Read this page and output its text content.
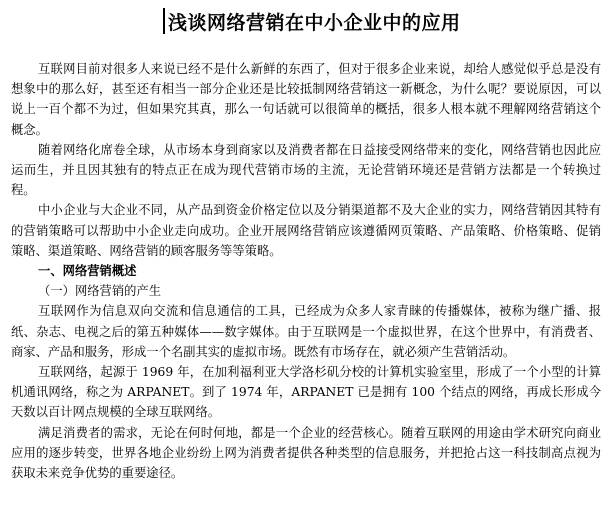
浅谈网络营销在中小企业中的应用

互联网目前对很多人来说已经不是什么新鲜的东西了，但对于很多企业来说，却给人感觉似乎总是没有想象中的那么好，甚至还有相当一部分企业还是比较抵制网络营销这一新概念，为什么呢？要说原因，可以说上一百个都不为过，但如果究其真，那么一句话就可以很简单的概括，很多人根本就不理解网络营销这个概念。

随着网络化席卷全球，从市场本身到商家以及消费者都在日益接受网络带来的变化，网络营销也因此应运而生，并且因其独有的特点正在成为现代营销市场的主流，无论营销环境还是营销方法都是一个转换过程。

中小企业与大企业不同，从产品到资金价格定位以及分销渠道都不及大企业的实力，网络营销因其特有的营销策略可以帮助中小企业走向成功。企业开展网络营销应该遵循网页策略、产品策略、价格策略、促销策略、渠道策略、网络营销的顾客服务等等策略。

一、网络营销概述

（一）网络营销的产生

互联网作为信息双向交流和信息通信的工具，已经成为众多人家青睐的传播媒体，被称为继广播、报纸、杂志、电视之后的第五种媒体——数字媒体。由于互联网是一个虚拟世界，在这个世界中，有消费者、商家、产品和服务，形成一个名副其实的虚拟市场。既然有市场存在，就必须产生营销活动。

互联网络，起源于 1969 年，在加利福利亚大学洛杉矶分校的计算机实验室里，形成了一个小型的计算机通讯网络，称之为 ARPANET。到了 1974 年，ARPANET 已是拥有 100 个结点的网络，再成长形成今天数以百计网点规模的全球互联网络。

满足消费者的需求，无论在何时何地，都是一个企业的经营核心。随着互联网的用途由学术研究向商业应用的逐步转变，世界各地企业纷纷上网为消费者提供各种类型的信息服务，并把抢占这一科技制高点视为获取未来竞争优势的重要途径。
